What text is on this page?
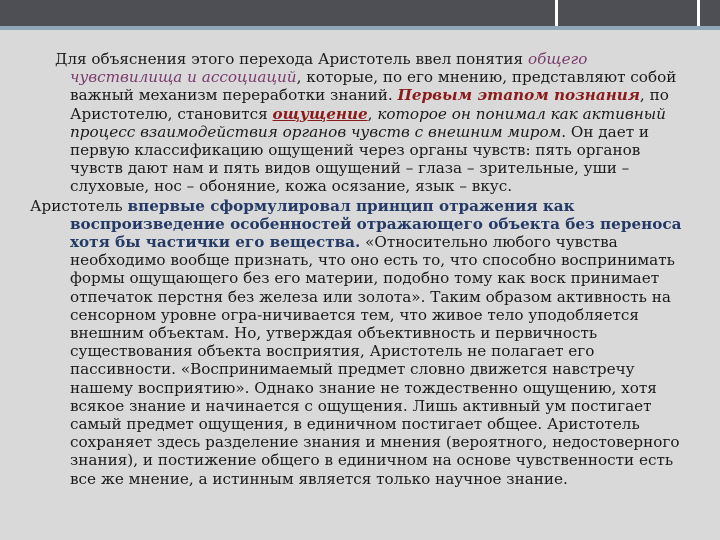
Для объяснения этого перехода Аристотель ввел понятия общего чувствилища и ассоциаций, которые, по его мнению, представляют собой важный механизм переработки знаний. Первым этапом познания, по Аристотелю, становится ощущение, которое он понимал как активный процесс взаимодействия органов чувств с внешним миром. Он дает и первую классификацию ощущений через органы чувств: пять органов чувств дают нам и пять видов ощущений – глаза – зрительные, уши –слуховые, нос – обоняние, кожа осязание, язык – вкус.
Аристотель впервые сформулировал принцип отражения как воспроизведение особенностей отражающего объекта без переноса хотя бы частички его вещества. «Относительно любого чувства необходимо вообще признать, что оно есть то, что способно воспринимать формы ощущающего без его материи, подобно тому как воск принимает отпечаток перстня без железа или золота». Таким образом активность на сенсорном уровне огра-ничивается тем, что живое тело уподобляется внешним объектам. Но, утверждая объективность и первичность существования объекта восприятия, Аристотель не полагает его пассивности. «Воспринимаемый предмет словно движется навстречу нашему восприятию». Однако знание не тождественно ощущению, хотя всякое знание и начинается с ощущения. Лишь активный ум постигает самый предмет ощущения, в единичном постигает общее. Аристотель сохраняет здесь разделение знания и мнения (вероятного, недостоверного знания), и постижение общего в единичном на основе чувственности есть все же мнение, а истинным является только научное знание.
